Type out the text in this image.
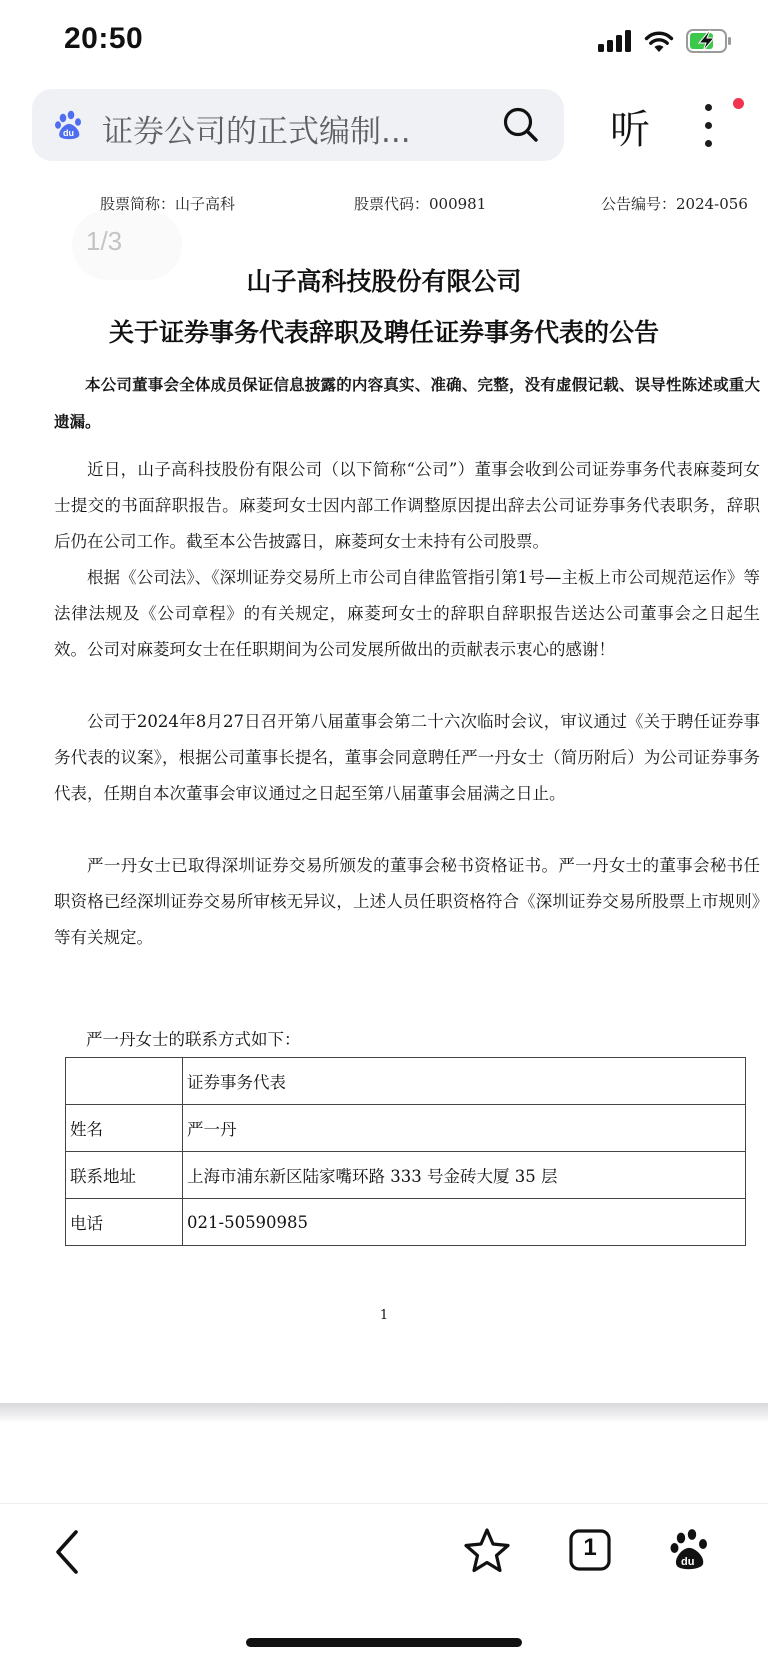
20:50
du 证券公司的正式编制...	听
股票简称：山子高科	股票代码：000981	公告编号：2024-056
1/3
山子高科技股份有限公司
关于证券事务代表辞职及聘任证券事务代表的公告

本公司董事会全体成员保证信息披露的内容真实、准确、完整，没有虚假记载、误导性陈述或重大遗漏。

近日，山子高科技股份有限公司（以下简称“公司”）董事会收到公司证券事务代表麻菱珂女士提交的书面辞职报告。麻菱珂女士因内部工作调整原因提出辞去公司证券事务代表职务，辞职后仍在公司工作。截至本公告披露日，麻菱珂女士未持有公司股票。

根据《公司法》、《深圳证券交易所上市公司自律监管指引第1号—主板上市公司规范运作》等法律法规及《公司章程》的有关规定，麻菱珂女士的辞职自辞职报告送达公司董事会之日起生效。公司对麻菱珂女士在任职期间为公司发展所做出的贡献表示衷心的感谢！

公司于2024年8月27日召开第八届董事会第二十六次临时会议，审议通过《关于聘任证券事务代表的议案》，根据公司董事长提名，董事会同意聘任严一丹女士（简历附后）为公司证券事务代表，任期自本次董事会审议通过之日起至第八届董事会届满之日止。

严一丹女士已取得深圳证券交易所颁发的董事会秘书资格证书。严一丹女士的董事会秘书任职资格已经深圳证券交易所审核无异议，上述人员任职资格符合《深圳证券交易所股票上市规则》等有关规定。

严一丹女士的联系方式如下：
	证券事务代表
姓名	严一丹
联系地址	上海市浦东新区陆家嘴环路 333 号金砖大厦 35 层
电话	021-50590985
1
1
du
